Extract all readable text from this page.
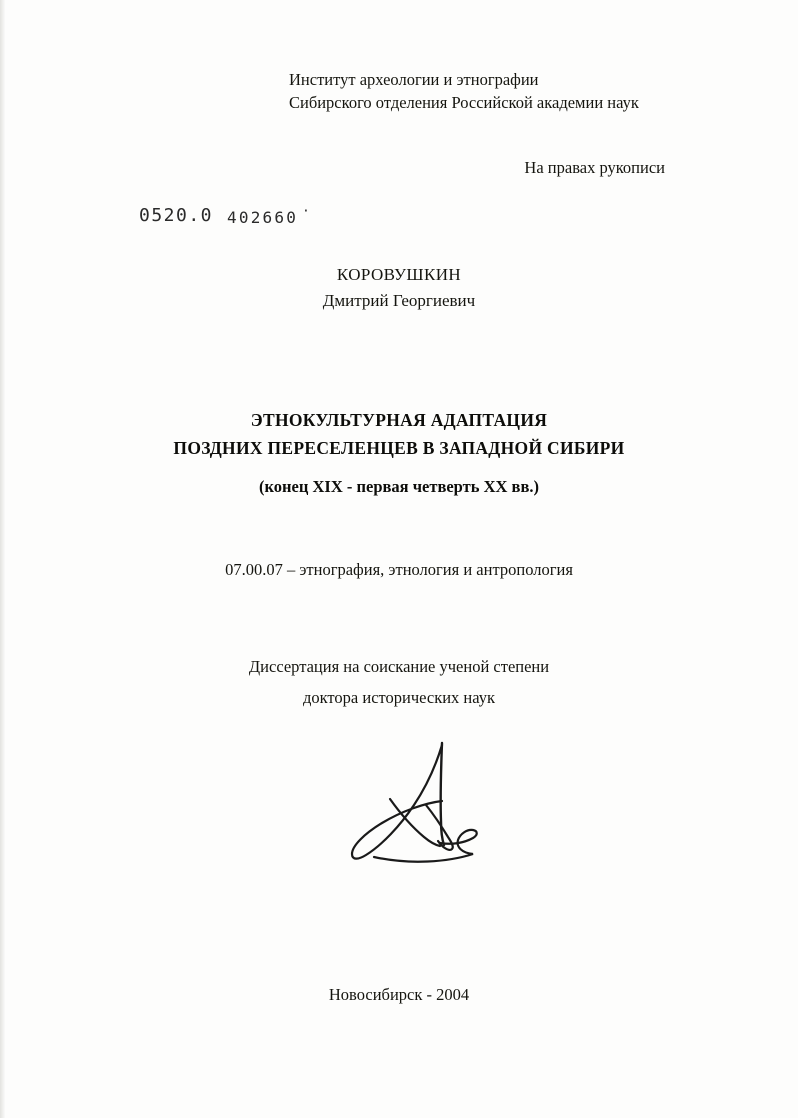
Институт археологии и этнографии
Сибирского отделения Российской академии наук
На правах рукописи
0520.0 402660 ·
КОРОВУШКИН
Дмитрий Георгиевич
ЭТНОКУЛЬТУРНАЯ АДАПТАЦИЯ
ПОЗДНИХ ПЕРЕСЕЛЕНЦЕВ В ЗАПАДНОЙ СИБИРИ
(конец XIX - первая четверть XX вв.)
07.00.07 – этнография, этнология и антропология
Диссертация на соискание ученой степени
доктора исторических наук
Новосибирск - 2004
